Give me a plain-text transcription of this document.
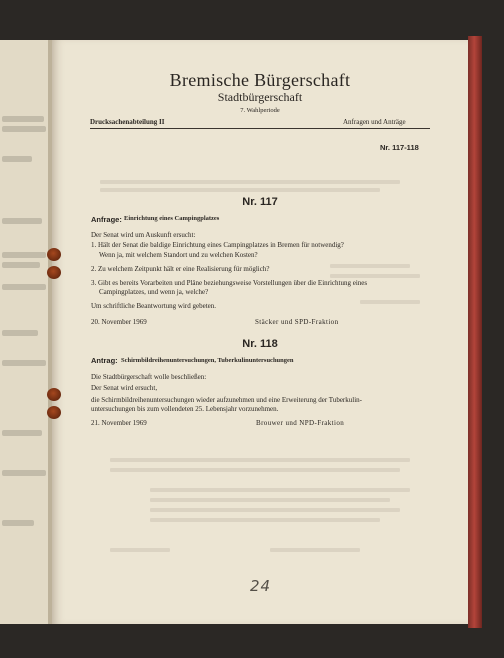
Bremische Bürgerschaft
Stadtbürgerschaft
7. Wahlperiode
Drucksachenabteilung II	Anfragen und Anträge
Nr. 117-118
Nr. 117
Anfrage: Einrichtung eines Campingplatzes
Der Senat wird um Auskunft ersucht:
1. Hält der Senat die baldige Einrichtung eines Campingplatzes in Bremen für notwendig?
Wenn ja, mit welchem Standort und zu welchen Kosten?
2. Zu welchem Zeitpunkt hält er eine Realisierung für möglich?
3. Gibt es bereits Vorarbeiten und Pläne beziehungsweise Vorstellungen über die Einrichtung eines
Campingplatzes, und wenn ja, welche?
Um schriftliche Beantwortung wird gebeten.
20. November 1969	Stäcker und SPD-Fraktion
Nr. 118
Antrag: Schirmbildreihenuntersuchungen, Tuberkulinuntersuchungen
Die Stadtbürgerschaft wolle beschließen:
Der Senat wird ersucht,
die Schirmbildreihenuntersuchungen wieder aufzunehmen und eine Erweiterung der Tuberkulin-
untersuchungen bis zum vollendeten 25. Lebensjahr vorzunehmen.
21. November 1969	Brouwer und NPD-Fraktion
24
